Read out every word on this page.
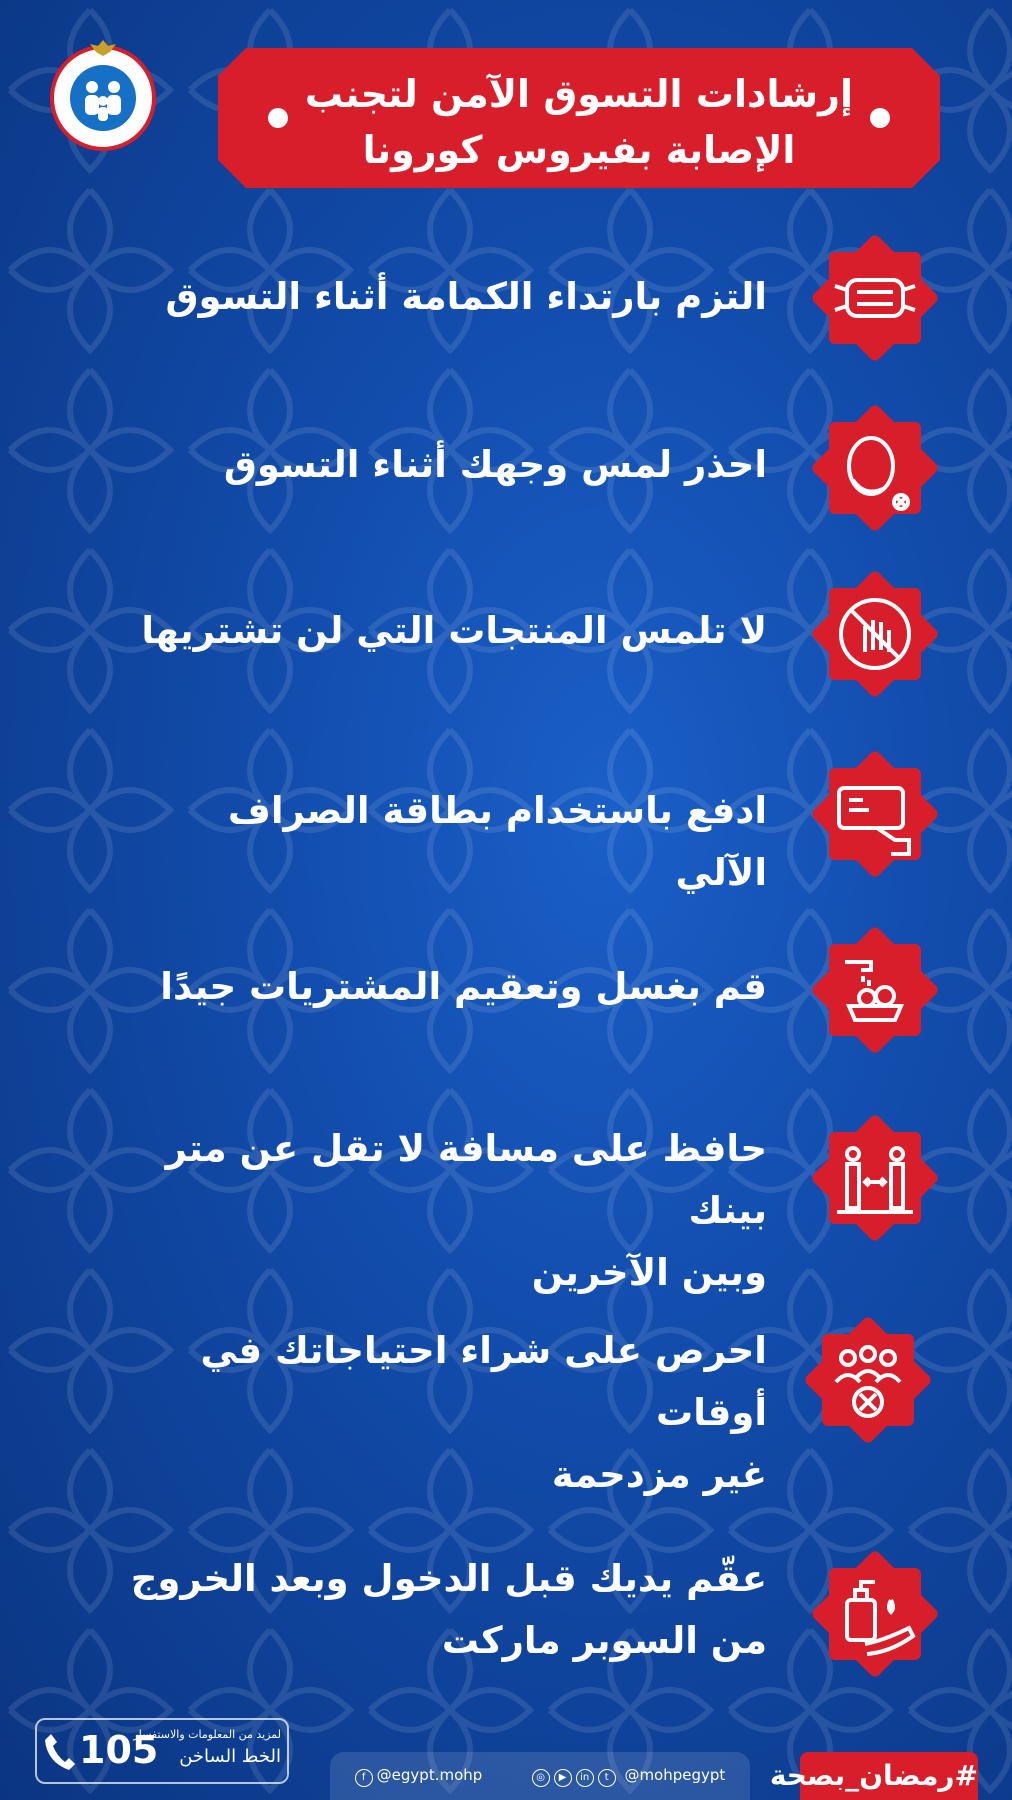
إرشادات التسوق الآمن لتجنب
الإصابة بفيروس كورونا
التزم بارتداء الكمامة أثناء التسوق
احذر لمس وجهك أثناء التسوق
لا تلمس المنتجات التي لن تشتريها
ادفع باستخدام بطاقة الصراف الآلي
قم بغسل وتعقيم المشتريات جيدًا
حافظ على مسافة لا تقل عن متر بينك
وبين الآخرين
احرص على شراء احتياجاتك في أوقات
غير مزدحمة
عقّم يديك قبل الدخول وبعد الخروج
من السوبر ماركت
105
لمزيد من المعلومات والاستفسار
الخط الساخن
f @egypt.mohp	◎ ▶ in t @mohpegypt #رمضان_بصحة
